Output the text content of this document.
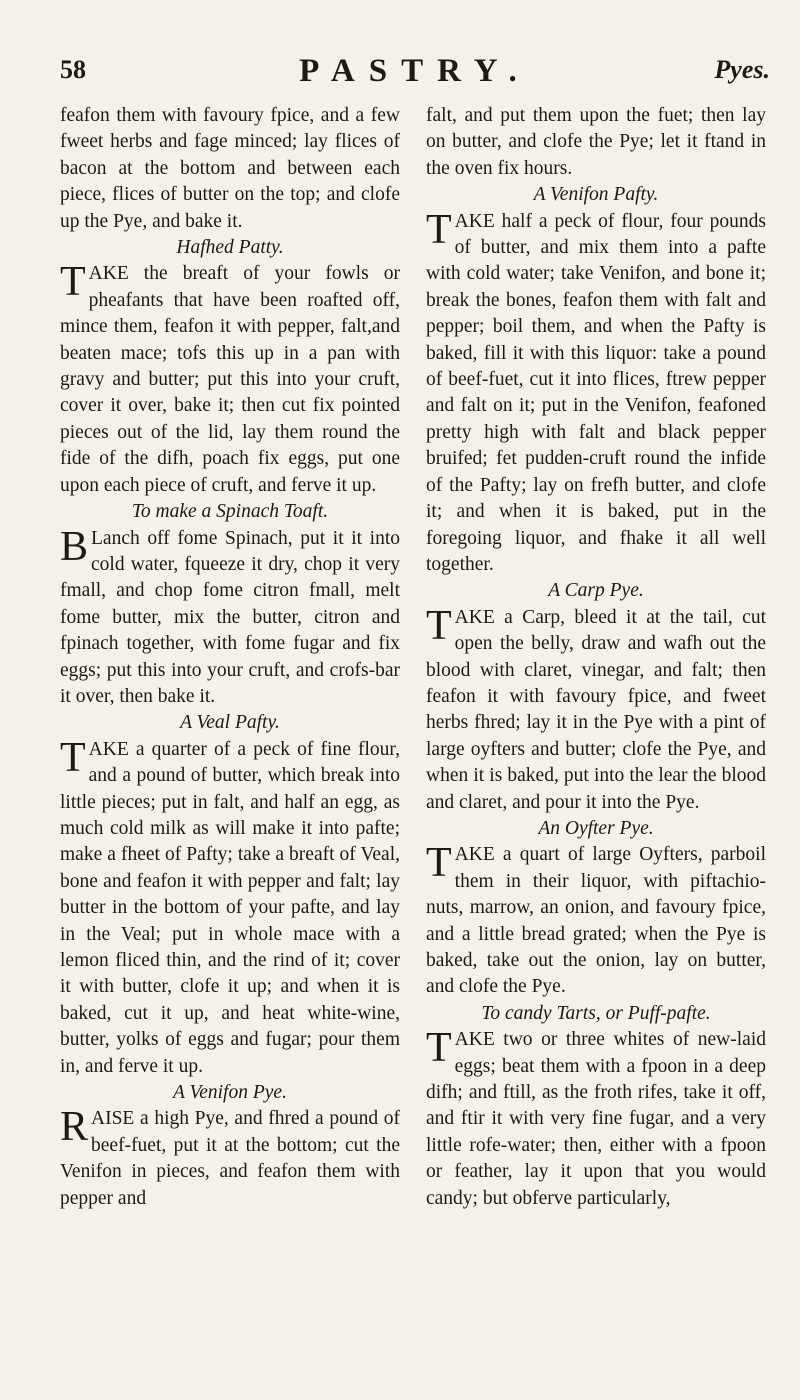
58	PASTRY.	Pyes.

feafon them with favoury fpice, and a few fweet herbs and fage minced; lay flices of bacon at the bottom and between each piece, flices of butter on the top; and clofe up the Pye, and bake it.

Hafhed Patty.

TAKE the breaft of your fowls or pheafants that have been roafted off, mince them, feafon it with pepper, falt,and beaten mace; tofs this up in a pan with gravy and butter; put this into your cruft, cover it over, bake it; then cut fix pointed pieces out of the lid, lay them round the fide of the difh, poach fix eggs, put one upon each piece of cruft, and ferve it up.

To make a Spinach Toaft.

BLanch off fome Spinach, put it it into cold water, fqueeze it dry, chop it very fmall, and chop fome citron fmall, melt fome butter, mix the butter, citron and fpinach together, with fome fugar and fix eggs; put this into your cruft, and crofs-bar it over, then bake it.

A Veal Pafty.

TAKE a quarter of a peck of fine flour, and a pound of butter, which break into little pieces; put in falt, and half an egg, as much cold milk as will make it into pafte; make a fheet of Pafty; take a breaft of Veal, bone and feafon it with pepper and falt; lay butter in the bottom of your pafte, and lay in the Veal; put in whole mace with a lemon fliced thin, and the rind of it; cover it with butter, clofe it up; and when it is baked, cut it up, and heat white-wine, butter, yolks of eggs and fugar; pour them in, and ferve it up.

A Venifon Pye.

RAISE a high Pye, and fhred a pound of beef-fuet, put it at the bottom; cut the Venifon in pieces, and feafon them with pepper and

falt, and put them upon the fuet; then lay on butter, and clofe the Pye; let it ftand in the oven fix hours.

A Venifon Pafty.

TAKE half a peck of flour, four pounds of butter, and mix them into a pafte with cold water; take Venifon, and bone it; break the bones, feafon them with falt and pepper; boil them, and when the Pafty is baked, fill it with this liquor: take a pound of beef-fuet, cut it into flices, ftrew pepper and falt on it; put in the Venifon, feafoned pretty high with falt and black pepper bruifed; fet pudden-cruft round the infide of the Pafty; lay on frefh butter, and clofe it; and when it is baked, put in the foregoing liquor, and fhake it all well together.

A Carp Pye.

TAKE a Carp, bleed it at the tail, cut open the belly, draw and wafh out the blood with claret, vinegar, and falt; then feafon it with favoury fpice, and fweet herbs fhred; lay it in the Pye with a pint of large oyfters and butter; clofe the Pye, and when it is baked, put into the lear the blood and claret, and pour it into the Pye.

An Oyfter Pye.

TAKE a quart of large Oyfters, parboil them in their liquor, with piftachio-nuts, marrow, an onion, and favoury fpice, and a little bread grated; when the Pye is baked, take out the onion, lay on butter, and clofe the Pye.

To candy Tarts, or Puff-pafte.

TAKE two or three whites of new-laid eggs; beat them with a fpoon in a deep difh; and ftill, as the froth rifes, take it off, and ftir it with very fine fugar, and a very little rofe-water; then, either with a fpoon or feather, lay it upon that you would candy; but obferve particularly,
